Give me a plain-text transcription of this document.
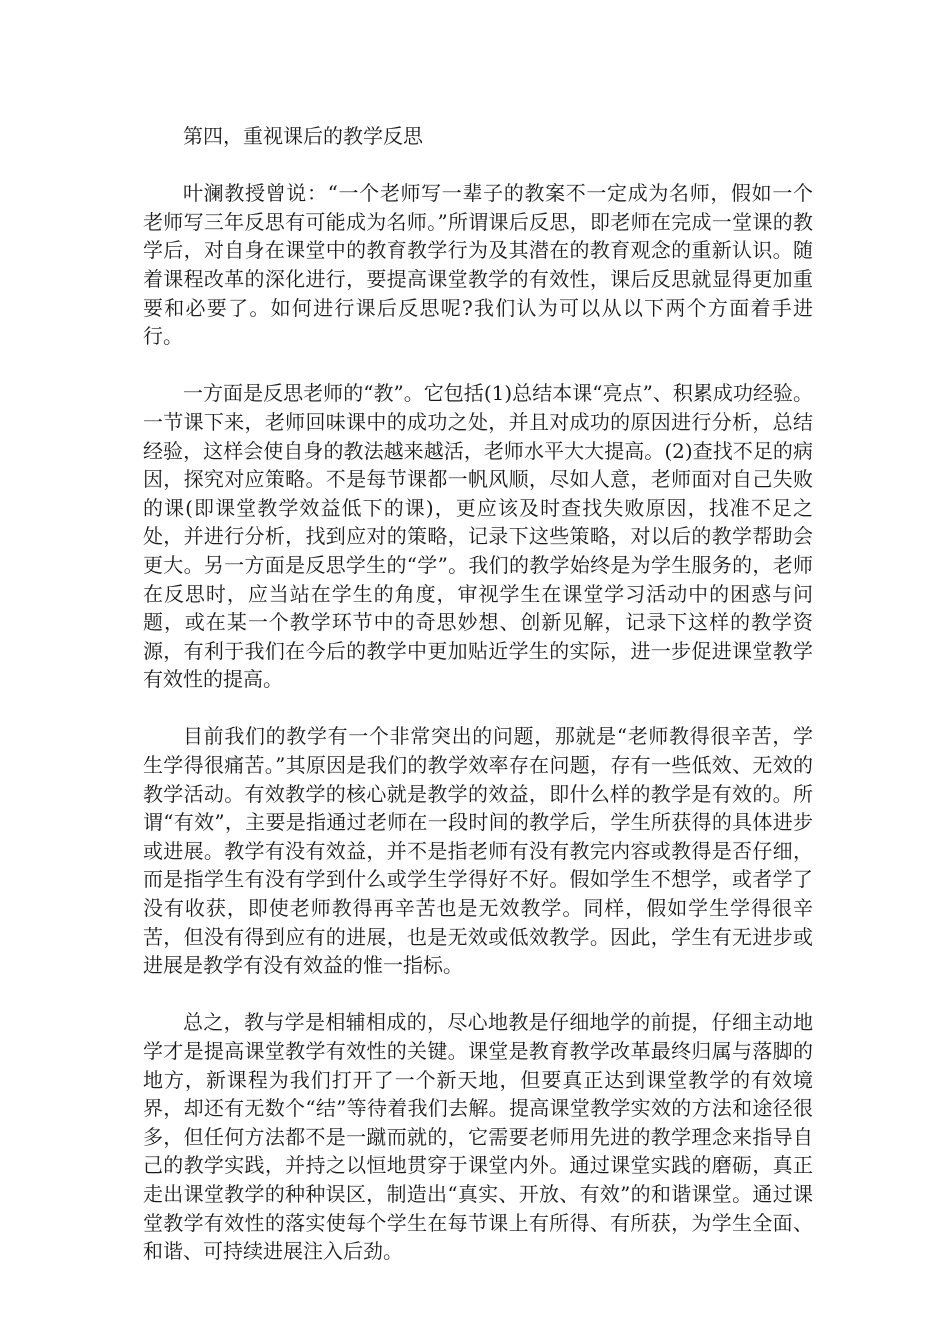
第四，重视课后的教学反思

叶澜教授曾说：“一个老师写一辈子的教案不一定成为名师，假如一个老师写三年反思有可能成为名师。”所谓课后反思，即老师在完成一堂课的教学后，对自身在课堂中的教育教学行为及其潜在的教育观念的重新认识。随着课程改革的深化进行，要提高课堂教学的有效性，课后反思就显得更加重要和必要了。如何进行课后反思呢?我们认为可以从以下两个方面着手进行。

一方面是反思老师的“教”。它包括(1)总结本课“亮点”、积累成功经验。一节课下来，老师回味课中的成功之处，并且对成功的原因进行分析，总结经验，这样会使自身的教法越来越活，老师水平大大提高。(2)查找不足的病因，探究对应策略。不是每节课都一帆风顺，尽如人意，老师面对自己失败的课(即课堂教学效益低下的课)，更应该及时查找失败原因，找准不足之处，并进行分析，找到应对的策略，记录下这些策略，对以后的教学帮助会更大。另一方面是反思学生的“学”。我们的教学始终是为学生服务的，老师在反思时，应当站在学生的角度，审视学生在课堂学习活动中的困惑与问题，或在某一个教学环节中的奇思妙想、创新见解，记录下这样的教学资源，有利于我们在今后的教学中更加贴近学生的实际，进一步促进课堂教学有效性的提高。

目前我们的教学有一个非常突出的问题，那就是“老师教得很辛苦，学生学得很痛苦。”其原因是我们的教学效率存在问题，存有一些低效、无效的教学活动。有效教学的核心就是教学的效益，即什么样的教学是有效的。所谓“有效”，主要是指通过老师在一段时间的教学后，学生所获得的具体进步或进展。教学有没有效益，并不是指老师有没有教完内容或教得是否仔细，而是指学生有没有学到什么或学生学得好不好。假如学生不想学，或者学了没有收获，即使老师教得再辛苦也是无效教学。同样，假如学生学得很辛苦，但没有得到应有的进展，也是无效或低效教学。因此，学生有无进步或进展是教学有没有效益的惟一指标。

总之，教与学是相辅相成的，尽心地教是仔细地学的前提，仔细主动地学才是提高课堂教学有效性的关键。课堂是教育教学改革最终归属与落脚的地方，新课程为我们打开了一个新天地，但要真正达到课堂教学的有效境界，却还有无数个“结”等待着我们去解。提高课堂教学实效的方法和途径很多，但任何方法都不是一蹴而就的，它需要老师用先进的教学理念来指导自己的教学实践，并持之以恒地贯穿于课堂内外。通过课堂实践的磨砺，真正走出课堂教学的种种误区，制造出“真实、开放、有效”的和谐课堂。通过课堂教学有效性的落实使每个学生在每节课上有所得、有所获，为学生全面、和谐、可持续进展注入后劲。
